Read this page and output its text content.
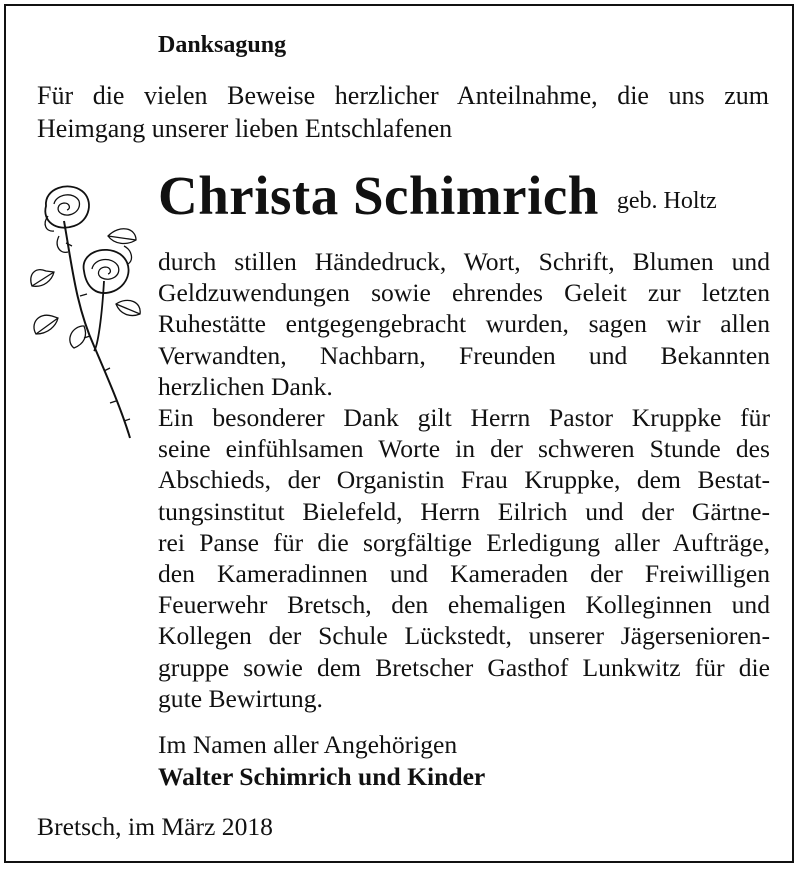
Danksagung
Für die vielen Beweise herzlicher Anteilnahme, die uns zum
Heimgang unserer lieben Entschlafenen
Christa Schimrich geb. Holtz
durch stillen Händedruck, Wort, Schrift, Blumen und
Geldzuwendungen sowie ehrendes Geleit zur letzten
Ruhestätte entgegengebracht wurden, sagen wir allen
Verwandten, Nachbarn, Freunden und Bekannten
herzlichen Dank.
Ein besonderer Dank gilt Herrn Pastor Kruppke für
seine einfühlsamen Worte in der schweren Stunde des
Abschieds, der Organistin Frau Kruppke, dem Bestat-
tungsinstitut Bielefeld, Herrn Eilrich und der Gärtne-
rei Panse für die sorgfältige Erledigung aller Aufträge,
den Kameradinnen und Kameraden der Freiwilligen
Feuerwehr Bretsch, den ehemaligen Kolleginnen und
Kollegen der Schule Lückstedt, unserer Jägersenioren-
gruppe sowie dem Bretscher Gasthof Lunkwitz für die
gute Bewirtung.
Im Namen aller Angehörigen
Walter Schimrich und Kinder
Bretsch, im März 2018
